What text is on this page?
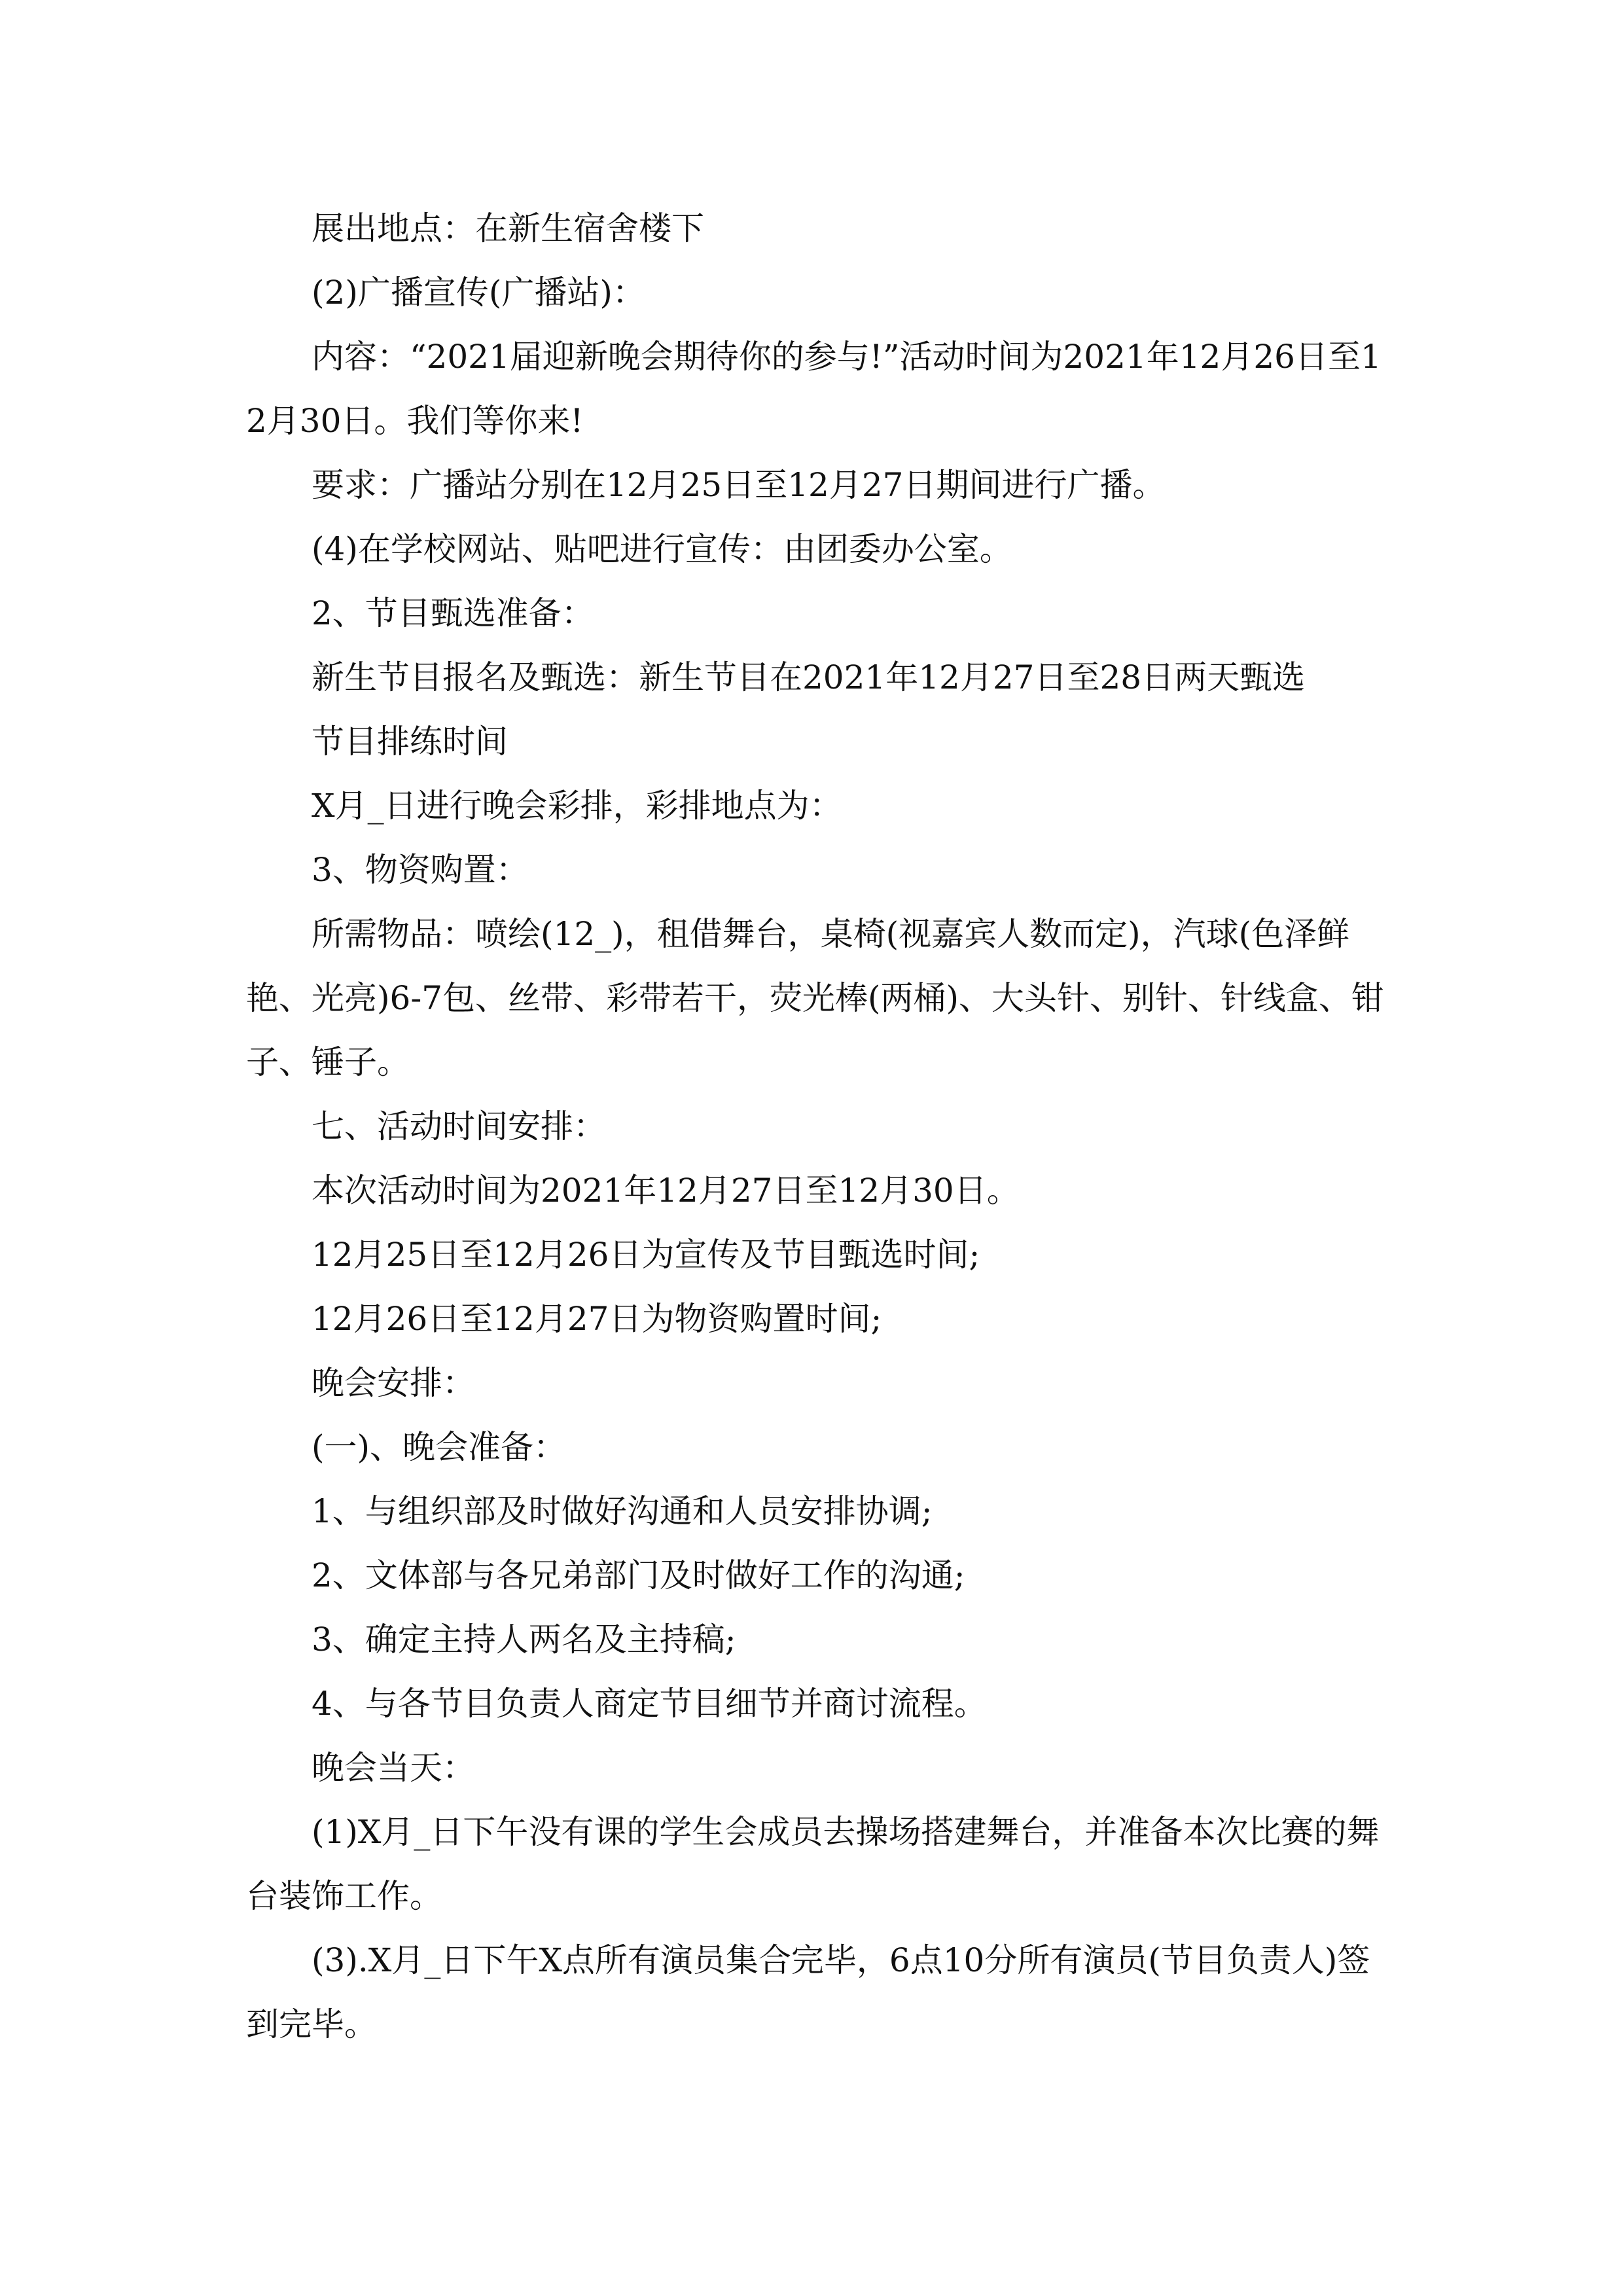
展出地点：在新生宿舍楼下

(2)广播宣传(广播站)：

内容：“2021届迎新晚会期待你的参与!”活动时间为2021年12月26日至12月30日。我们等你来!

要求：广播站分别在12月25日至12月27日期间进行广播。

(4)在学校网站、贴吧进行宣传：由团委办公室。

2、节目甄选准备：

新生节目报名及甄选：新生节目在2021年12月27日至28日两天甄选

节目排练时间

X月_日进行晚会彩排，彩排地点为：

3、物资购置：

所需物品：喷绘(12_)，租借舞台，桌椅(视嘉宾人数而定)，汽球(色泽鲜艳、光亮)6-7包、丝带、彩带若干，荧光棒(两桶)、大头针、别针、针线盒、钳子、锤子。

七、活动时间安排：

本次活动时间为2021年12月27日至12月30日。

12月25日至12月26日为宣传及节目甄选时间;

12月26日至12月27日为物资购置时间;

晚会安排：

(一)、晚会准备：

1、与组织部及时做好沟通和人员安排协调;

2、文体部与各兄弟部门及时做好工作的沟通;

3、确定主持人两名及主持稿;

4、与各节目负责人商定节目细节并商讨流程。

晚会当天：

(1)X月_日下午没有课的学生会成员去操场搭建舞台，并准备本次比赛的舞台装饰工作。

(3).X月_日下午X点所有演员集合完毕，6点10分所有演员(节目负责人)签到完毕。
